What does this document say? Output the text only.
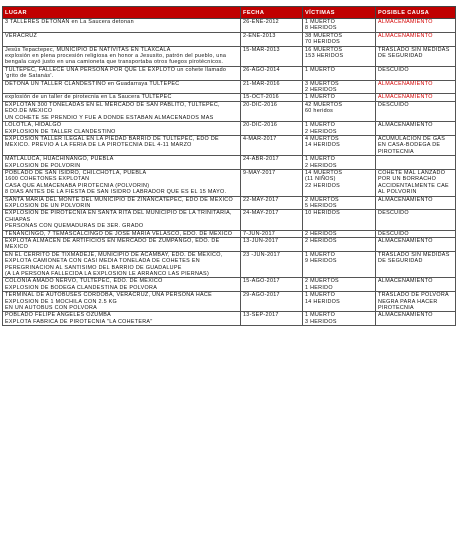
LUGAR	FECHA	VÍCTIMAS	POSIBLE CAUSA

3 TALLERES DETONAN en La Saucera detonan	26-ENE-2012	1 MUERTO
8 HERIDOS	ALMACENAMIENTO

VERACRUZ	2-ENE-2013	38 MUERTOS
70 HERIDOS	ALMACENAMIENTO

Jesús Tepactepec, MUNICIPIO DE NATIVITAS EN TLAXCALA
explosión en plena procesión religiosa en honor a Jesusito, patrón del pueblo, una bengala cayó justo en una camioneta que transportaba otros fuegos pirotécnicos.	15-MAR-2013	16 MUERTOS
153 HERIDOS	TRASLADO SIN MEDIDAS DE SEGURIDAD

TULTEPEC, FALLECE UNA PERSONA POR QUE LE EXPLOTO un cohete llamado 'grito de Satanás'.	26-AGO-2014	1 MUERTO	DESCUIDO

DETONA UN TALLER CLANDESTINO en Guadarraya TULTEPEC	21-MAR-2016	3 MUERTOS
2 HERIDOS	ALMACENAMIENTO

explosión de un taller de pirotecnia en La Saucera TULTEPEC	15-OCT-2016	1 MUERTO	ALMACENAMIENTO

EXPLOTAN 300 TONELADAS EN EL MERCADO DE SAN PABLITO, TULTEPEC, EDO.DE MEXICO
UN COHETE SE PRENDIO Y FUE A DONDE ESTABAN ALMACENADOS MAS	20-DIC-2016	42 MUERTOS
60 heridos	DESCUIDO

LOLOTLA, HIDALGO
EXPLOSION DE TALLER CLANDESTINO	20-DIC-2016	1 MUERTO
2 HERIDOS	ALMACENAMIENTO

EXPLOSION TALLER ILEGAL EN LA PIEDAD BARRIO DE TULTEPEC, EDO DE MEXICO. PREVIO A LA FERIA DE LA PIROTECNIA DEL 4-11 MARZO	4-MAR-2017	4 MUERTOS
14 HERIDOS	ACUMULACION DE GAS EN CASA-BODEGA DE PIROTECNIA

MATLALUCA, HUACHINANGO, PUEBLA
EXPLOSION DE POLVORIN	24-ABR-2017	1 MUERTO
2 HERIDOS	

POBLADO DE SAN ISIDRO, CHILCHOTLA, PUEBLA
1600 COHETONES EXPLOTAN
CASA QUE ALMACENABA PIROTECNIA (POLVORIN)
8 DIAS ANTES DE LA FIESTA DE SAN ISIDRO LABRADOR QUE ES EL 15 MAYO.	9-MAY-2017	14 MUERTOS
(11 NIÑOS)
22 HERIDOS	COHETE MAL LANZADO POR UN BORRACHO ACCIDENTALMENTE CAE AL POLVORIN

SANTA MARIA DEL MONTE DEL MUNICIPIO DE ZINANCATEPEC, EDO DE MEXICO
EXPLOSION DE UN POLVORIN	22-MAY-2017	2 MUERTOS
5 HERIDOS	ALMACENAMIENTO

EXPLOSION DE PIROTECNIA EN SANTA RITA DEL MUNICIPIO DE LA TRINITARIA, CHIAPAS
PERSONAS CON QUEMADURAS DE 3ER. GRADO	24-MAY-2017	10 HERIDOS	DESCUIDO

TENANCINGO, 7 TEMASCALCINGO DE JOSE MARIA VELASCO, EDO. DE MEXICO	7-JUN-2017	2 HERIDOS	DESCUIDO

EXPLOTA ALMACEN DE ARTIFICIOS EN MERCADO DE ZUMPANGO, EDO. DE MEXICO	13-JUN-2017	2 HERIDOS	ALMACENAMIENTO

EN EL CERRITO DE TIXMADEJE, MUNICIPIO DE ACAMBAY, EDO. DE MEXICO, EXPLOTA CAMIONETA CON CASI MEDIA TONELADA DE COHETES EN PEREGRINACION AL SANTISIMO DEL BARRIO DE GUADALUPE
(A LA PERSONA FALLECIDA LA EXPLOSION LE ARRANCO LAS PIERNAS)	23 -JUN-2017	1 MUERTO
9 HERIDOS	TRASLADO SIN MEDIDAS DE SEGURIDAD

COLONIA AMADO NERVO, TULTEPEC, EDO. DE MEXICO
EXPLOSION DE BODEGA CLANDESTINA DE POLVORA	15-AGO-2017	2 MUERTOS
1 HERIDO	ALMACENAMIENTO

TERMINAL DE AUTOBUSES CORDOBA, VERACRUZ, UNA PERSONA HACE
EXPLOSION DE 1 MOCHILA CON 2.5 KG
EN UN AUTOBUS CON POLVORA	29-AGO-2017	1 MUERTO
14 HERIDOS	TRASLADO DE POLVORA NEGRA PARA HACER PIROTECNIA

POBLADO FELIPE ANGELES OZUMBA
EXPLOTA FABRICA DE PIROTECNIA "LA COHETERA"	13-SEP-2017	1 MUERTO
3 HERIDOS	ALMACENAMIENTO
